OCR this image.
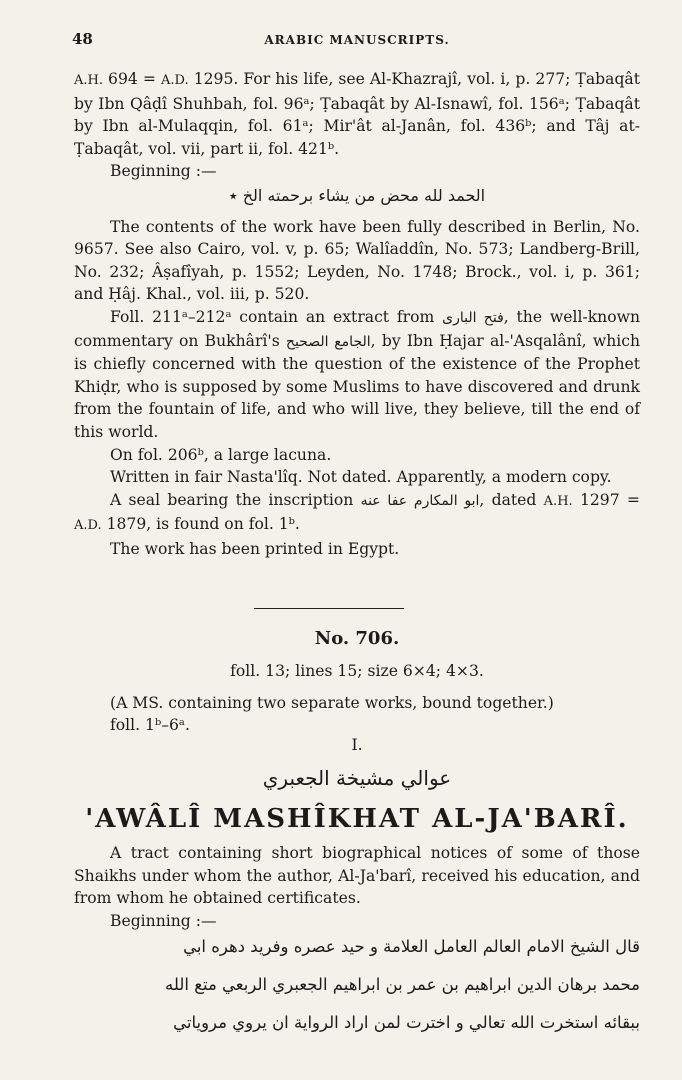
48	ARABIC MANUSCRIPTS.

A.H. 694 = A.D. 1295. For his life, see Al-Khazrajî, vol. i, p. 277; Ṭabaqât by Ibn Qâḍî Shuhbah, fol. 96ᵃ; Ṭabaqât by Al-Isnawî, fol. 156ᵃ; Ṭabaqât by Ibn al-Mulaqqin, fol. 61ᵃ; Mir'ât al-Janân, fol. 436ᵇ; and Tâj at-Ṭabaqât, vol. vii, part ii, fol. 421ᵇ.

Beginning :—

الحمد لله محض من يشاء برحمته الخ ٭

The contents of the work have been fully described in Berlin, No. 9657. See also Cairo, vol. v, p. 65; Walîaddîn, No. 573; Landberg-Brill, No. 232; Âṣafîyah, p. 1552; Leyden, No. 1748; Brock., vol. i, p. 361; and Ḥâj. Khal., vol. iii, p. 520.

Foll. 211ᵃ–212ᵃ contain an extract from فتح البارى, the well-known commentary on Bukhârî's الجامع الصحيح, by Ibn Ḥajar al-'Asqalânî, which is chiefly concerned with the question of the existence of the Prophet Khiḍr, who is supposed by some Muslims to have discovered and drunk from the fountain of life, and who will live, they believe, till the end of this world.

On fol. 206ᵇ, a large lacuna.

Written in fair Nasta'lîq. Not dated. Apparently, a modern copy.

A seal bearing the inscription ابو المكارم عفا عنه, dated A.H. 1297 = A.D. 1879, is found on fol. 1ᵇ.

The work has been printed in Egypt.

No. 706.
foll. 13; lines 15; size 6×4; 4×3.
(A MS. containing two separate works, bound together.)
foll. 1ᵇ–6ᵃ.
I.
عوالي مشيخة الجعبري
'AWÂLÎ MASHÎKHAT AL-JA'BARÎ.

A tract containing short biographical notices of some of those Shaikhs under whom the author, Al-Ja'barî, received his education, and from whom he obtained certificates.

Beginning :—

قال الشيخ الامام العالم العامل العلامة و حيد عصره وفريد دهره ابي
محمد برهان الدين ابراهيم بن عمر بن ابراهيم الجعبري الربعي متع الله
ببقائه استخرت الله تعالي و اخترت لمن اراد الرواية ان يروي مروياتي
